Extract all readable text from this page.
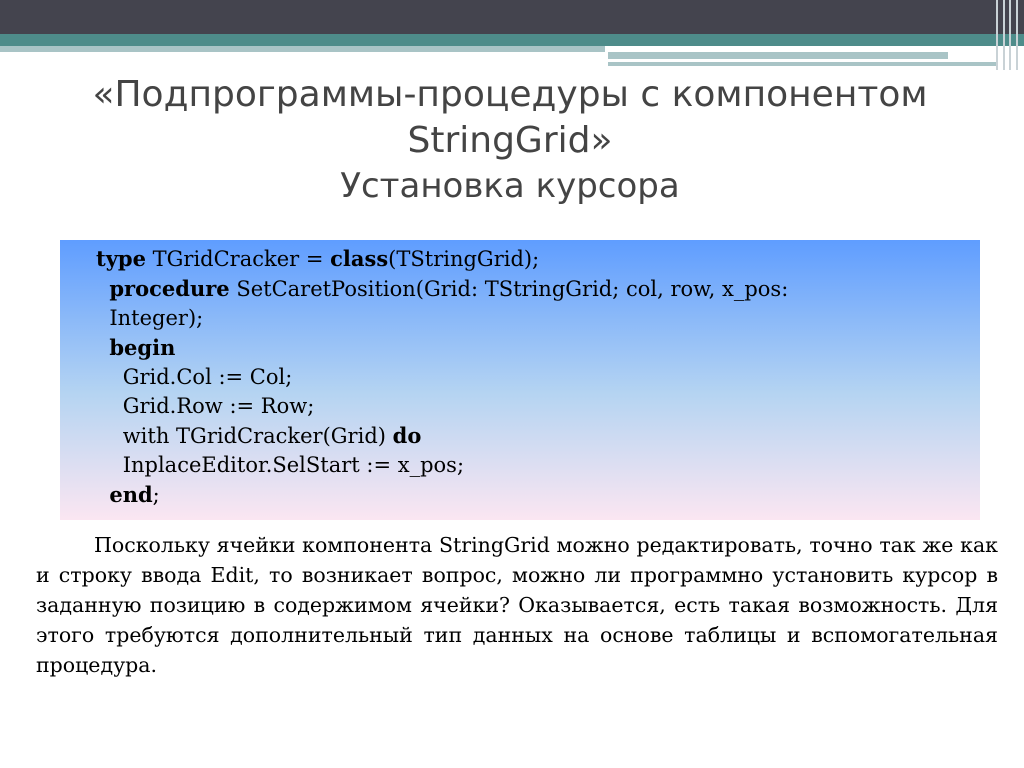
«Подпрограммы-процедуры с компонентом
StringGrid»
Установка курсора
type TGridCracker = class(TStringGrid);
procedure SetCaretPosition(Grid: TStringGrid; col, row, x_pos:
Integer);
begin
Grid.Col := Col;
Grid.Row := Row;
with TGridCracker(Grid) do
InplaceEditor.SelStart := x_pos;
end;
Поскольку ячейки компонента StringGrid можно редактировать, точно так же как и строку ввода Edit, то возникает вопрос, можно ли программно установить курсор в заданную позицию в содержимом ячейки? Оказывается, есть такая возможность. Для этого требуются дополнительный тип данных на основе таблицы и вспомогательная процедура.
